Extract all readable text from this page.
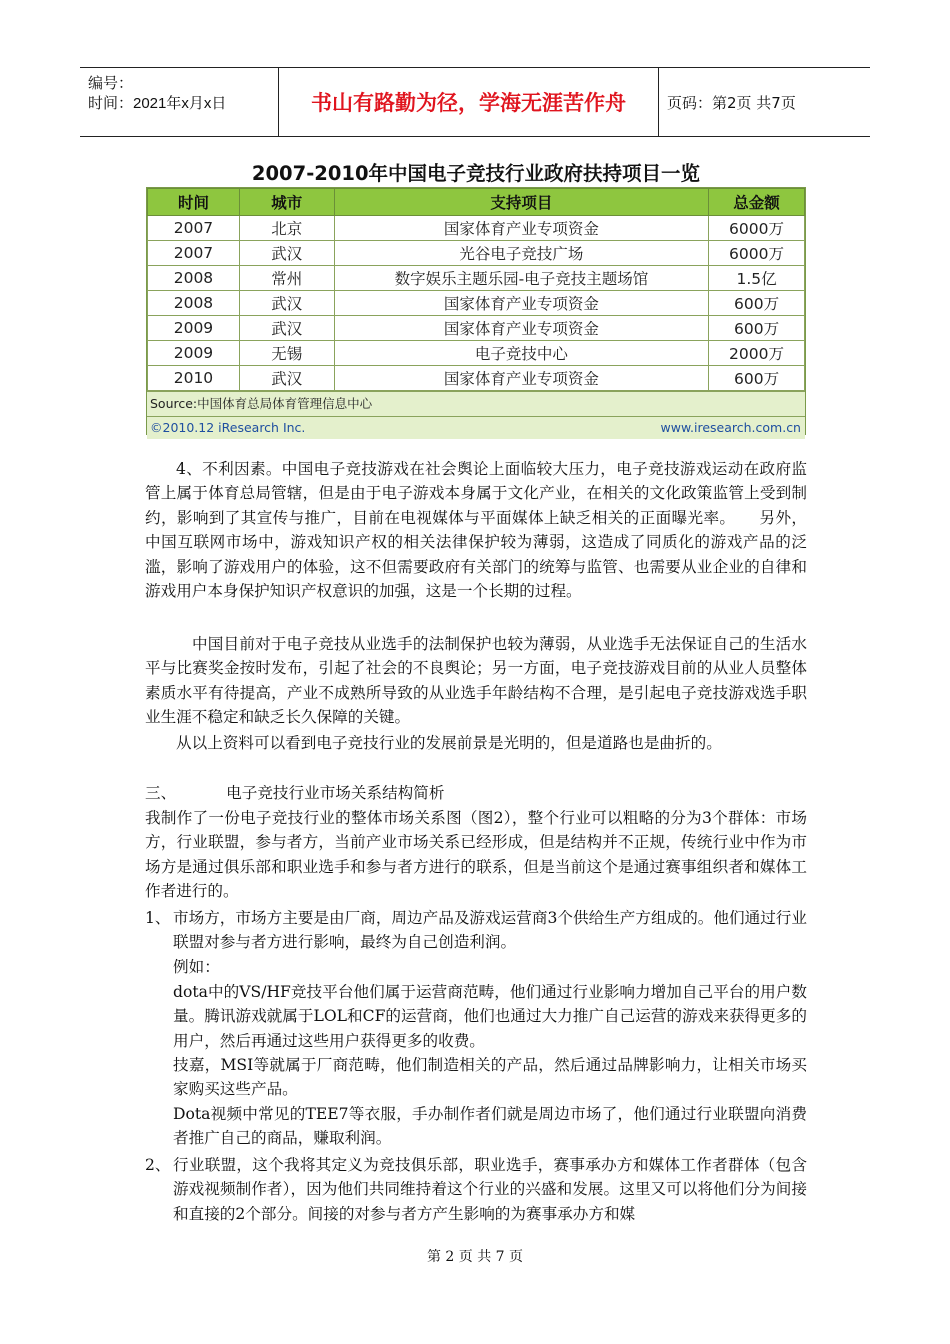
编号：
时间：2021年x月x日	书山有路勤为径，学海无涯苦作舟	页码：第2页 共7页
2007-2010年中国电子竞技行业政府扶持项目一览
时间	城市	支持项目	总金额
2007	北京	国家体育产业专项资金	6000万
2007	武汉	光谷电子竞技广场	6000万
2008	常州	数字娱乐主题乐园-电子竞技主题场馆	1.5亿
2008	武汉	国家体育产业专项资金	600万
2009	武汉	国家体育产业专项资金	600万
2009	无锡	电子竞技中心	2000万
2010	武汉	国家体育产业专项资金	600万
Source:中国体育总局体育管理信息中心
©2010.12 iResearch Inc.	www.iresearch.com.cn

4、不利因素。中国电子竞技游戏在社会舆论上面临较大压力，电子竞技游戏运动在政府监管上属于体育总局管辖，但是由于电子游戏本身属于文化产业，在相关的文化政策监管上受到制约，影响到了其宣传与推广，目前在电视媒体与平面媒体上缺乏相关的正面曝光率。　　另外，中国互联网市场中，游戏知识产权的相关法律保护较为薄弱，这造成了同质化的游戏产品的泛滥，影响了游戏用户的体验，这不但需要政府有关部门的统筹与监管、也需要从业企业的自律和游戏用户本身保护知识产权意识的加强，这是一个长期的过程。

中国目前对于电子竞技从业选手的法制保护也较为薄弱，从业选手无法保证自己的生活水平与比赛奖金按时发布，引起了社会的不良舆论；另一方面，电子竞技游戏目前的从业人员整体素质水平有待提高，产业不成熟所导致的从业选手年龄结构不合理，是引起电子竞技游戏选手职业生涯不稳定和缺乏长久保障的关键。

从以上资料可以看到电子竞技行业的发展前景是光明的，但是道路也是曲折的。

三、	电子竞技行业市场关系结构简析

我制作了一份电子竞技行业的整体市场关系图（图2），整个行业可以粗略的分为3个群体：市场方，行业联盟，参与者方，当前产业市场关系已经形成，但是结构并不正规，传统行业中作为市场方是通过俱乐部和职业选手和参与者方进行的联系，但是当前这个是通过赛事组织者和媒体工作者进行的。

1、 市场方，市场方主要是由厂商，周边产品及游戏运营商3个供给生产方组成的。他们通过行业联盟对参与者方进行影响，最终为自己创造利润。

例如：

dota中的VS/HF竞技平台他们属于运营商范畴，他们通过行业影响力增加自己平台的用户数量。腾讯游戏就属于LOL和CF的运营商，他们也通过大力推广自己运营的游戏来获得更多的用户，然后再通过这些用户获得更多的收费。

技嘉，MSI等就属于厂商范畴，他们制造相关的产品，然后通过品牌影响力，让相关市场买家购买这些产品。

Dota视频中常见的TEE7等衣服，手办制作者们就是周边市场了，他们通过行业联盟向消费者推广自己的商品，赚取利润。

2、 行业联盟，这个我将其定义为竞技俱乐部，职业选手，赛事承办方和媒体工作者群体（包含游戏视频制作者），因为他们共同维持着这个行业的兴盛和发展。这里又可以将他们分为间接和直接的2个部分。间接的对参与者方产生影响的为赛事承办方和媒

第 2 页 共 7 页
